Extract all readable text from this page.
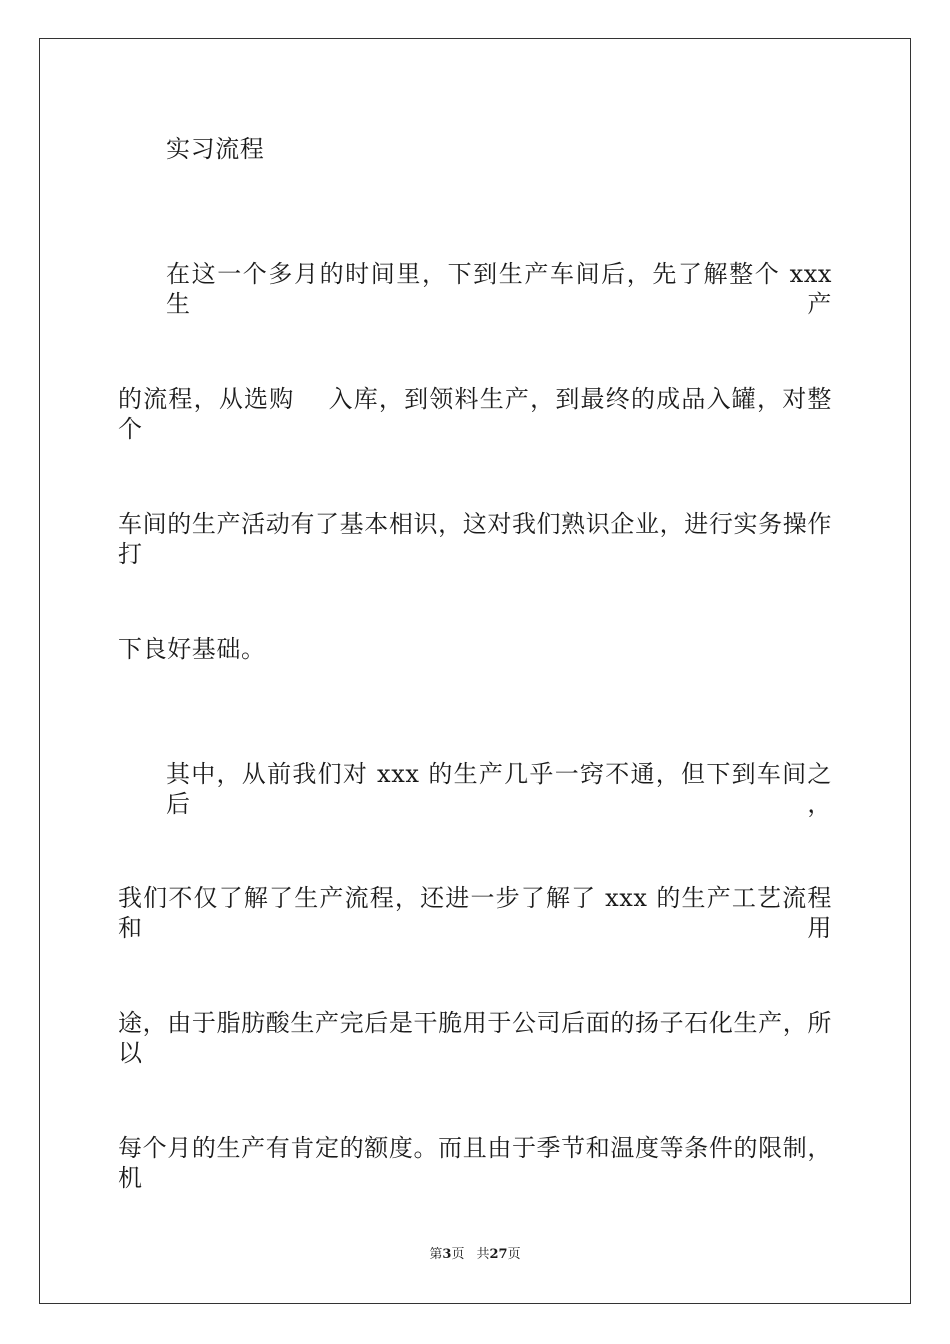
实习流程
在这一个多月的时间里，下到生产车间后，先了解整个 xxx 生产
的流程，从选购　 入库，到领料生产，到最终的成品入罐，对整个
车间的生产活动有了基本相识，这对我们熟识企业，进行实务操作打
下良好基础。
其中，从前我们对 xxx 的生产几乎一窍不通，但下到车间之后，
我们不仅了解了生产流程，还进一步了解了 xxx 的生产工艺流程和用
途，由于脂肪酸生产完后是干脆用于公司后面的扬子石化生产，所以
每个月的生产有肯定的额度。而且由于季节和温度等条件的限制，机
第3页 共27页
